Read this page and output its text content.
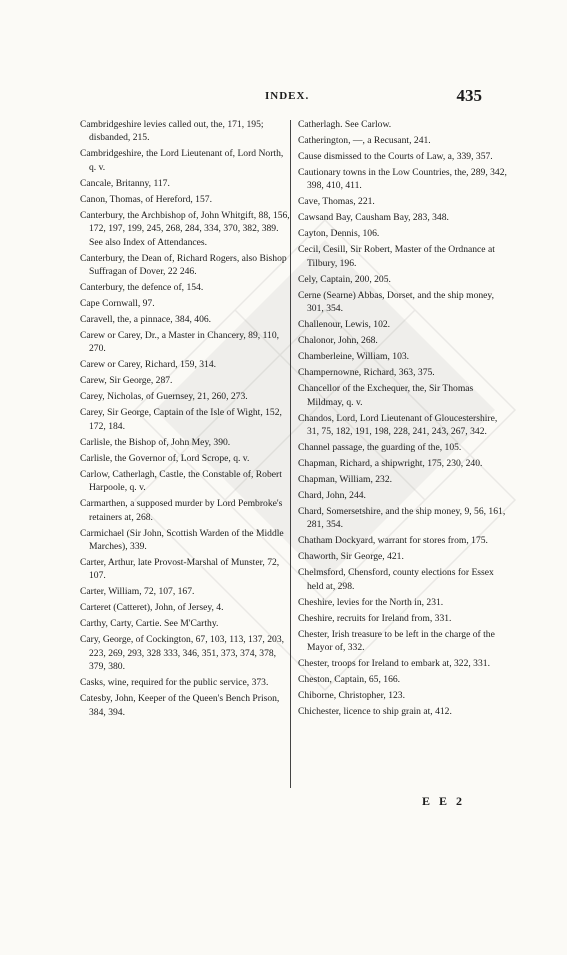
INDEX.	435
Cambridgeshire levies called out, the, 171, 195; disbanded, 215.
Cambridgeshire, the Lord Lieutenant of, Lord North, q. v.
Cancale, Britanny, 117.
Canon, Thomas, of Hereford, 157.
Canterbury, the Archbishop of, John Whitgift, 88, 156, 172, 197, 199, 245, 268, 284, 334, 370, 382, 389. See also Index of Attendances.
Canterbury, the Dean of, Richard Rogers, also Bishop Suffragan of Dover, 22 246.
Canterbury, the defence of, 154.
Cape Cornwall, 97.
Caravell, the, a pinnace, 384, 406.
Carew or Carey, Dr., a Master in Chancery, 89, 110, 270.
Carew or Carey, Richard, 159, 314.
Carew, Sir George, 287.
Carey, Nicholas, of Guernsey, 21, 260, 273.
Carey, Sir George, Captain of the Isle of Wight, 152, 172, 184.
Carlisle, the Bishop of, John Mey, 390.
Carlisle, the Governor of, Lord Scrope, q. v.
Carlow, Catherlagh, Castle, the Constable of, Robert Harpoole, q. v.
Carmarthen, a supposed murder by Lord Pembroke's retainers at, 268.
Carmichael (Sir John, Scottish Warden of the Middle Marches), 339.
Carter, Arthur, late Provost-Marshal of Munster, 72, 107.
Carter, William, 72, 107, 167.
Carteret (Catteret), John, of Jersey, 4.
Carthy, Carty, Cartie. See M'Carthy.
Cary, George, of Cockington, 67, 103, 113, 137, 203, 223, 269, 293, 328 333, 346, 351, 373, 374, 378, 379, 380.
Casks, wine, required for the public service, 373.
Catesby, John, Keeper of the Queen's Bench Prison, 384, 394.
Catherlagh. See Carlow.
Catherington, —, a Recusant, 241.
Cause dismissed to the Courts of Law, a, 339, 357.
Cautionary towns in the Low Countries, the, 289, 342, 398, 410, 411.
Cave, Thomas, 221.
Cawsand Bay, Causham Bay, 283, 348.
Cayton, Dennis, 106.
Cecil, Cesill, Sir Robert, Master of the Ordnance at Tilbury, 196.
Cely, Captain, 200, 205.
Cerne (Searne) Abbas, Dorset, and the ship money, 301, 354.
Challenour, Lewis, 102.
Chalonor, John, 268.
Chamberleine, William, 103.
Champernowne, Richard, 363, 375.
Chancellor of the Exchequer, the, Sir Thomas Mildmay, q. v.
Chandos, Lord, Lord Lieutenant of Gloucestershire, 31, 75, 182, 191, 198, 228, 241, 243, 267, 342.
Channel passage, the guarding of the, 105.
Chapman, Richard, a shipwright, 175, 230, 240.
Chapman, William, 232.
Chard, John, 244.
Chard, Somersetshire, and the ship money, 9, 56, 161, 281, 354.
Chatham Dockyard, warrant for stores from, 175.
Chaworth, Sir George, 421.
Chelmsford, Chensford, county elections for Essex held at, 298.
Cheshire, levies for the North in, 231.
Cheshire, recruits for Ireland from, 331.
Chester, Irish treasure to be left in the charge of the Mayor of, 332.
Chester, troops for Ireland to embark at, 322, 331.
Cheston, Captain, 65, 166.
Chiborne, Christopher, 123.
Chichester, licence to ship grain at, 412.
E E 2
